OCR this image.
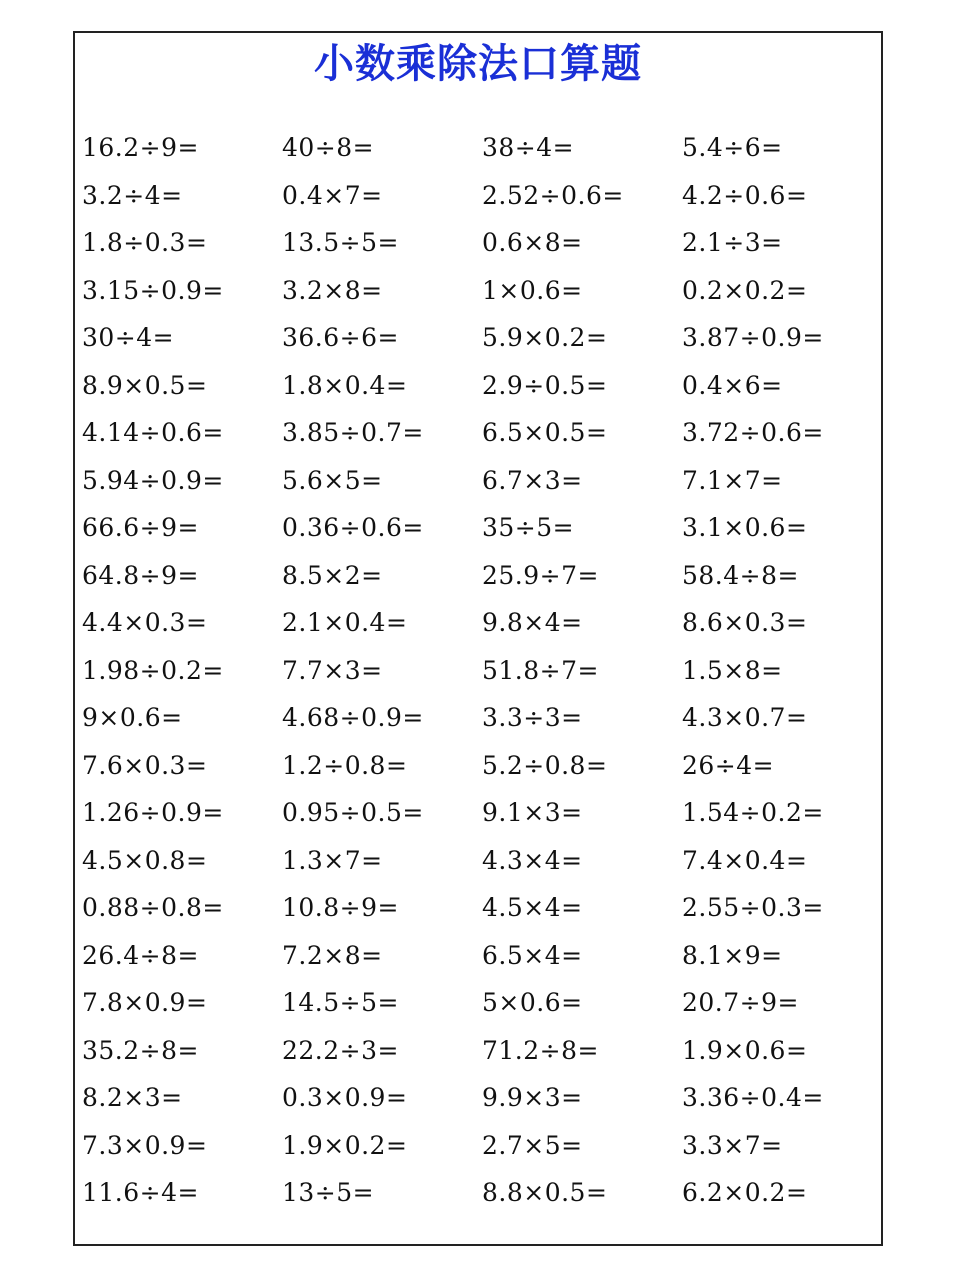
小数乘除法口算题
16.2÷9=	40÷8=	38÷4=	5.4÷6=
3.2÷4=	0.4×7=	2.52÷0.6=	4.2÷0.6=
1.8÷0.3=	13.5÷5=	0.6×8=	2.1÷3=
3.15÷0.9=	3.2×8=	1×0.6=	0.2×0.2=
30÷4=	36.6÷6=	5.9×0.2=	3.87÷0.9=
8.9×0.5=	1.8×0.4=	2.9÷0.5=	0.4×6=
4.14÷0.6=	3.85÷0.7=	6.5×0.5=	3.72÷0.6=
5.94÷0.9=	5.6×5=	6.7×3=	7.1×7=
66.6÷9=	0.36÷0.6=	35÷5=	3.1×0.6=
64.8÷9=	8.5×2=	25.9÷7=	58.4÷8=
4.4×0.3=	2.1×0.4=	9.8×4=	8.6×0.3=
1.98÷0.2=	7.7×3=	51.8÷7=	1.5×8=
9×0.6=	4.68÷0.9=	3.3÷3=	4.3×0.7=
7.6×0.3=	1.2÷0.8=	5.2÷0.8=	26÷4=
1.26÷0.9=	0.95÷0.5=	9.1×3=	1.54÷0.2=
4.5×0.8=	1.3×7=	4.3×4=	7.4×0.4=
0.88÷0.8=	10.8÷9=	4.5×4=	2.55÷0.3=
26.4÷8=	7.2×8=	6.5×4=	8.1×9=
7.8×0.9=	14.5÷5=	5×0.6=	20.7÷9=
35.2÷8=	22.2÷3=	71.2÷8=	1.9×0.6=
8.2×3=	0.3×0.9=	9.9×3=	3.36÷0.4=
7.3×0.9=	1.9×0.2=	2.7×5=	3.3×7=
11.6÷4=	13÷5=	8.8×0.5=	6.2×0.2=
